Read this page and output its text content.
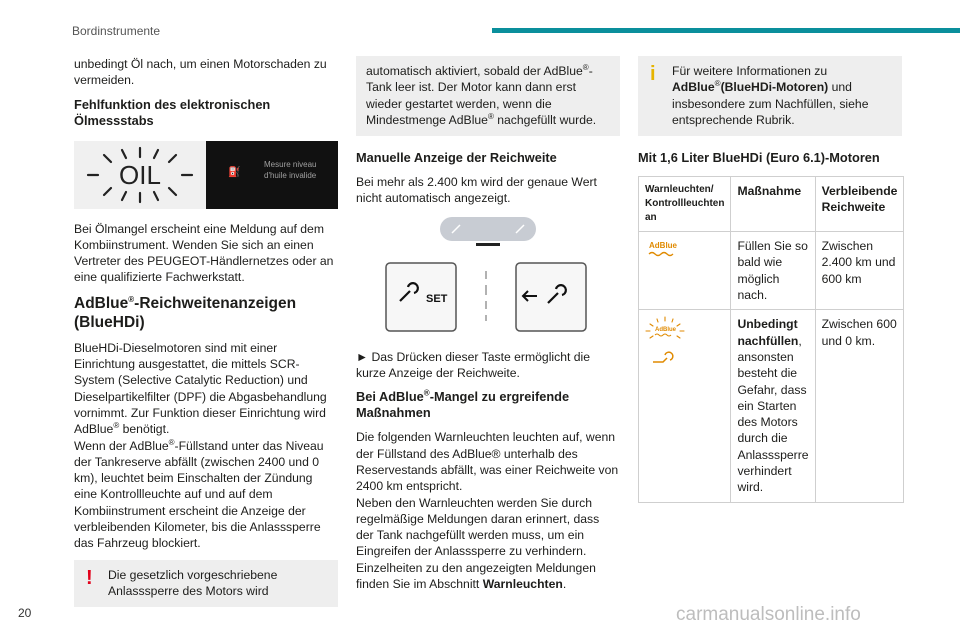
Bordinstrumente

unbedingt Öl nach, um einen Motorschaden zu vermeiden.

Fehlfunktion des elektronischen Ölmessstabs
OIL	⛽
Mesure niveau
d'huile invalide

Bei Ölmangel erscheint eine Meldung auf dem Kombiinstrument. Wenden Sie sich an einen Vertreter des PEUGEOT-Händlernetzes oder an eine qualifizierte Fachwerkstatt.

AdBlue®-Reichweitenanzeigen (BlueHDi)

BlueHDi-Dieselmotoren sind mit einer Einrichtung ausgestattet, die mittels SCR-System (Selective Catalytic Reduction) und Dieselpartikelfilter (DPF) die Abgasbehandlung vornimmt. Zur Funktion dieser Einrichtung wird AdBlue® benötigt.

Wenn der AdBlue®-Füllstand unter das Niveau der Tankreserve abfällt (zwischen 2400 und 0 km), leuchtet beim Einschalten der Zündung eine Kontrollleuchte auf und auf dem Kombiinstrument erscheint die Anzeige der verbleibenden Kilometer, bis die Anlasssperre das Fahrzeug blockiert.

! Die gesetzlich vorgeschriebene Anlasssperre des Motors wird
automatisch aktiviert, sobald der AdBlue®-Tank leer ist. Der Motor kann dann erst wieder gestartet werden, wenn die Mindestmenge AdBlue® nachgefüllt wurde.
Manuelle Anzeige der Reichweite

Bei mehr als 2.400 km wird der genaue Wert nicht automatisch angezeigt.

SET

► Das Drücken dieser Taste ermöglicht die kurze Anzeige der Reichweite.

Bei AdBlue®-Mangel zu ergreifende Maßnahmen

Die folgenden Warnleuchten leuchten auf, wenn der Füllstand des AdBlue® unterhalb des Reservestands abfällt, was einer Reichweite von 2400 km entspricht.

Neben den Warnleuchten werden Sie durch regelmäßige Meldungen daran erinnert, dass der Tank nachgefüllt werden muss, um ein Eingreifen der Anlasssperre zu verhindern. Einzelheiten zu den angezeigten Meldungen finden Sie im Abschnitt Warnleuchten.

i Für weitere Informationen zu AdBlue®(BlueHDi-Motoren) und insbesondere zum Nachfüllen, siehe entsprechende Rubrik.
Mit 1,6 Liter BlueHDi (Euro 6.1)-Motoren
Warnleuchten/ Kontrollleuchten an	Maßnahme	Verbleibende Reichweite

AdBlue	Füllen Sie so bald wie möglich nach.	Zwischen 2.400 km und 600 km

AdBlue	Unbedingt nachfüllen, ansonsten besteht die Gefahr, dass ein Starten des Motors durch die Anlasssperre verhindert wird.	Zwischen 600 und 0 km.
20	carmanualsonline.info
